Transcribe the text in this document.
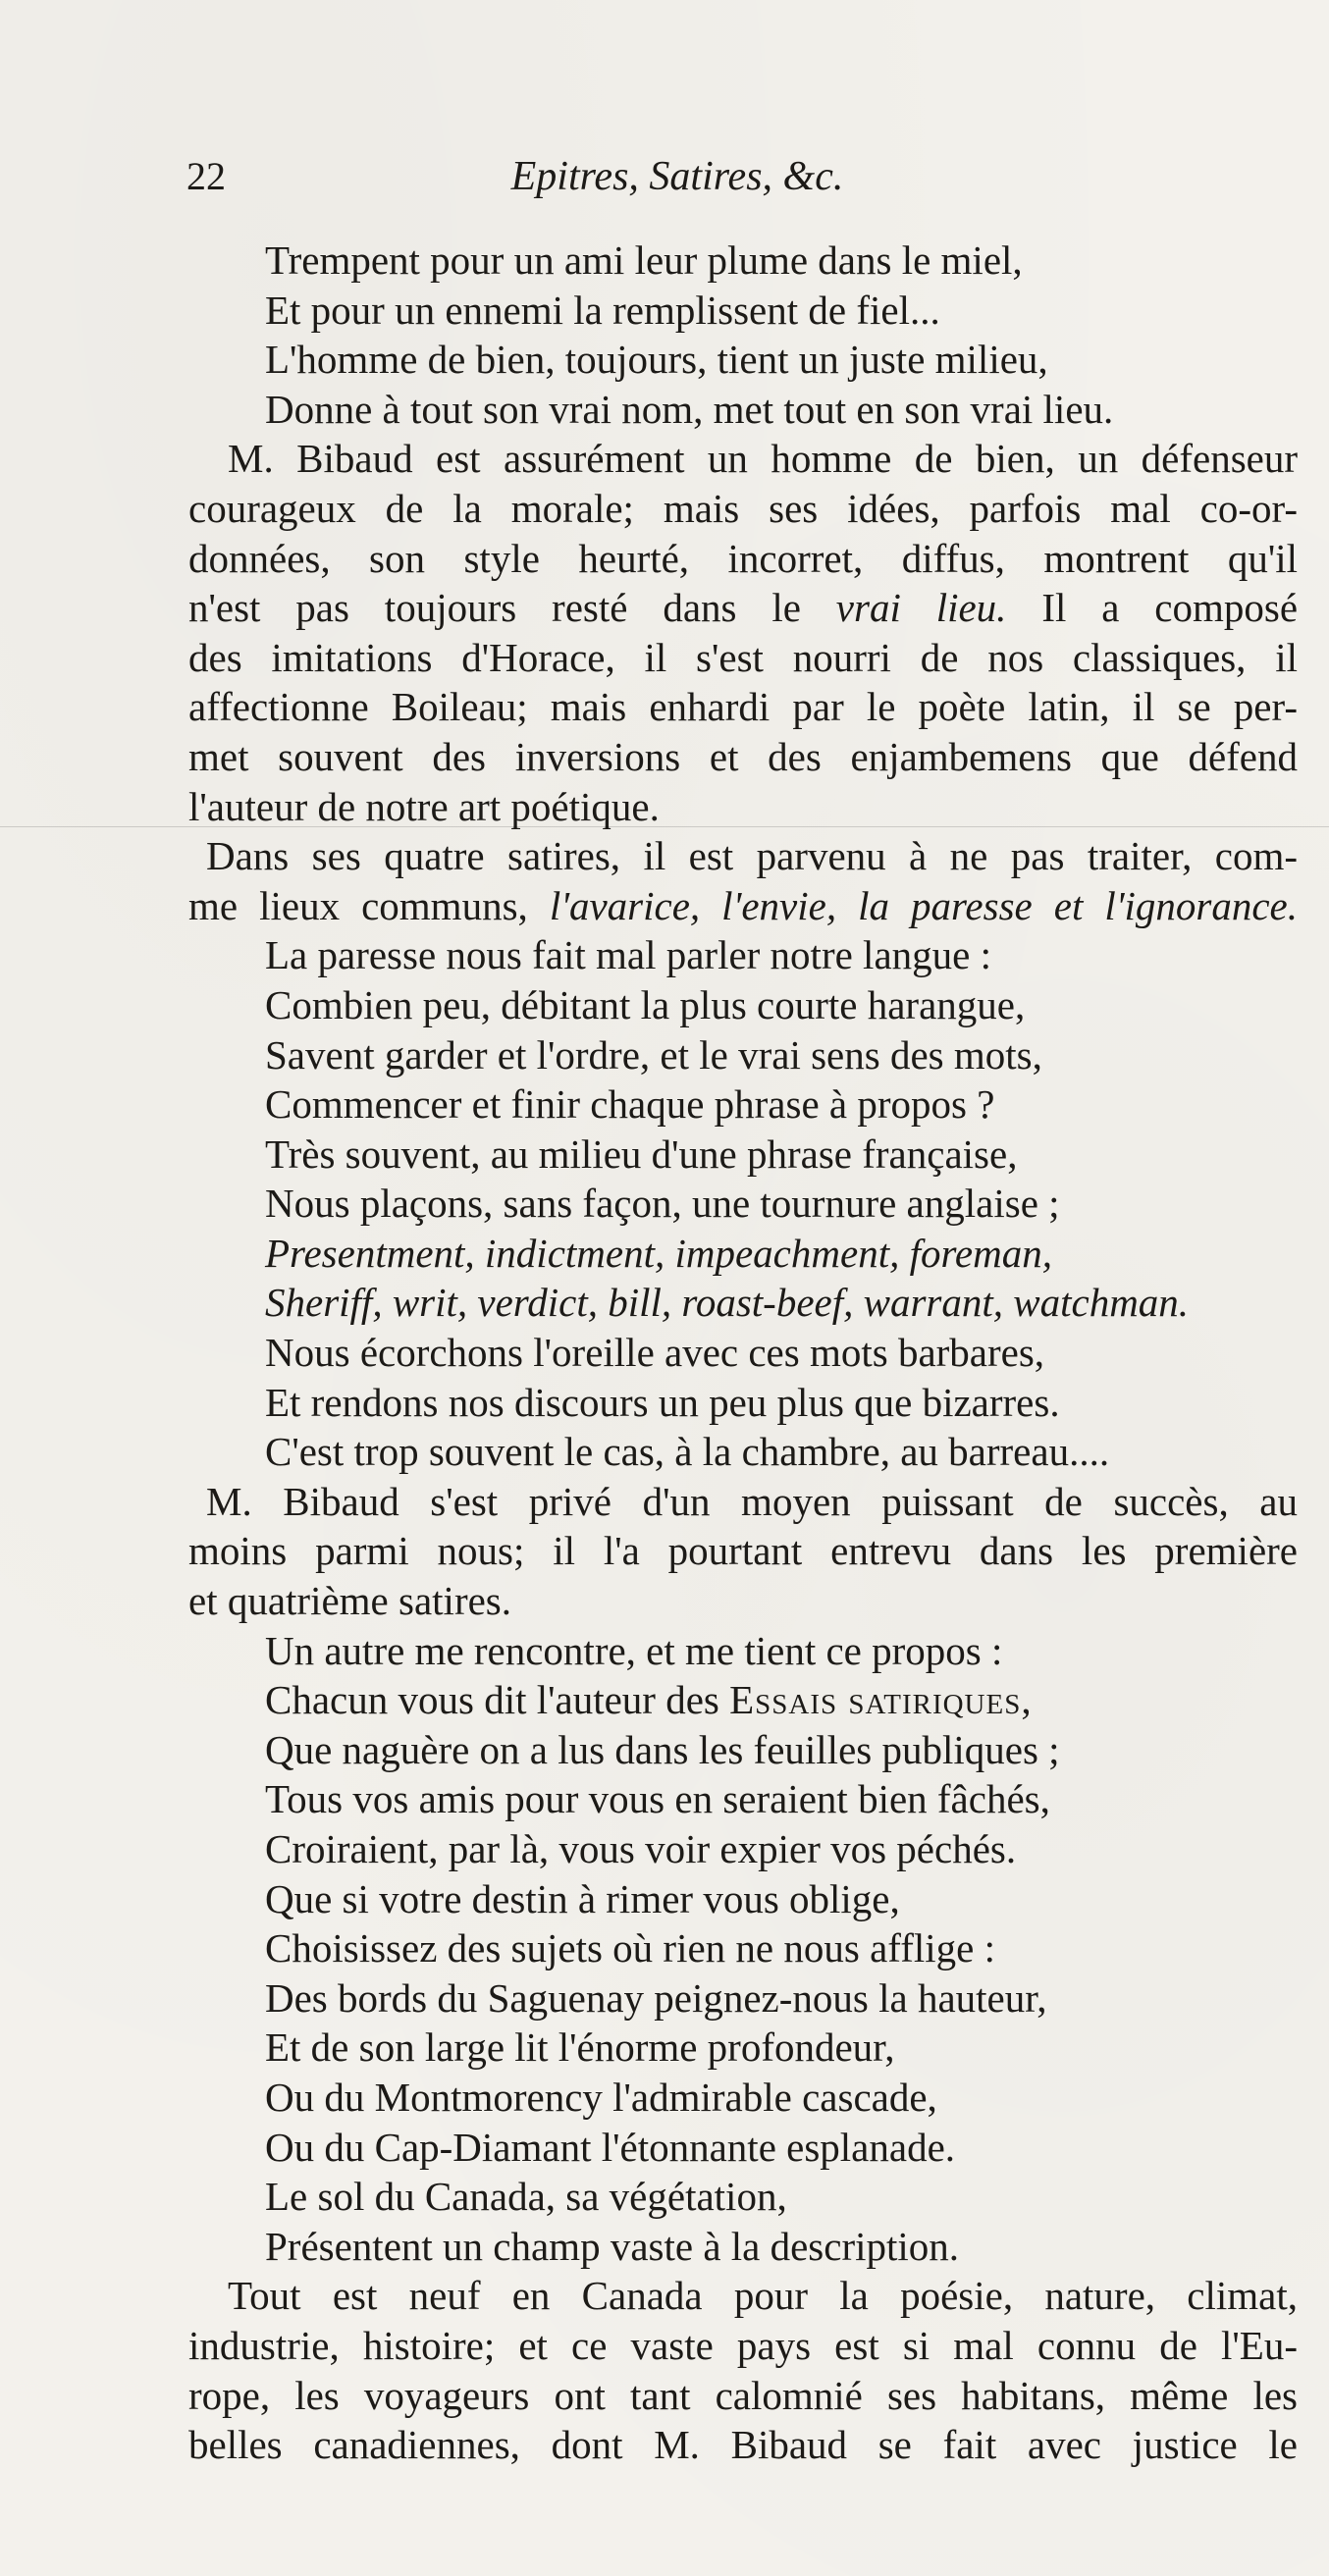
22	Epitres, Satires, &c.
Trempent pour un ami leur plume dans le miel,
Et pour un ennemi la remplissent de fiel...
L'homme de bien, toujours, tient un juste milieu,
Donne à tout son vrai nom, met tout en son vrai lieu.
M. Bibaud est assurément un homme de bien, un défenseur
courageux de la morale; mais ses idées, parfois mal co-or-
données, son style heurté, incorret, diffus, montrent qu'il
n'est pas toujours resté dans le vrai lieu. Il a composé
des imitations d'Horace, il s'est nourri de nos classiques, il
affectionne Boileau; mais enhardi par le poète latin, il se per-
met souvent des inversions et des enjambemens que défend
l'auteur de notre art poétique.
Dans ses quatre satires, il est parvenu à ne pas traiter, com-
me lieux communs, l'avarice, l'envie, la paresse et l'ignorance.
La paresse nous fait mal parler notre langue :
Combien peu, débitant la plus courte harangue,
Savent garder et l'ordre, et le vrai sens des mots,
Commencer et finir chaque phrase à propos ?
Très souvent, au milieu d'une phrase française,
Nous plaçons, sans façon, une tournure anglaise ;
Presentment, indictment, impeachment, foreman,
Sheriff, writ, verdict, bill, roast-beef, warrant, watchman.
Nous écorchons l'oreille avec ces mots barbares,
Et rendons nos discours un peu plus que bizarres.
C'est trop souvent le cas, à la chambre, au barreau....
M. Bibaud s'est privé d'un moyen puissant de succès, au
moins parmi nous; il l'a pourtant entrevu dans les première
et quatrième satires.
Un autre me rencontre, et me tient ce propos :
Chacun vous dit l'auteur des Essais satiriques,
Que naguère on a lus dans les feuilles publiques ;
Tous vos amis pour vous en seraient bien fâchés,
Croiraient, par là, vous voir expier vos péchés.
Que si votre destin à rimer vous oblige,
Choisissez des sujets où rien ne nous afflige :
Des bords du Saguenay peignez-nous la hauteur,
Et de son large lit l'énorme profondeur,
Ou du Montmorency l'admirable cascade,
Ou du Cap-Diamant l'étonnante esplanade.
Le sol du Canada, sa végétation,
Présentent un champ vaste à la description.
Tout est neuf en Canada pour la poésie, nature, climat,
industrie, histoire; et ce vaste pays est si mal connu de l'Eu-
rope, les voyageurs ont tant calomnié ses habitans, même les
belles canadiennes, dont M. Bibaud se fait avec justice le
